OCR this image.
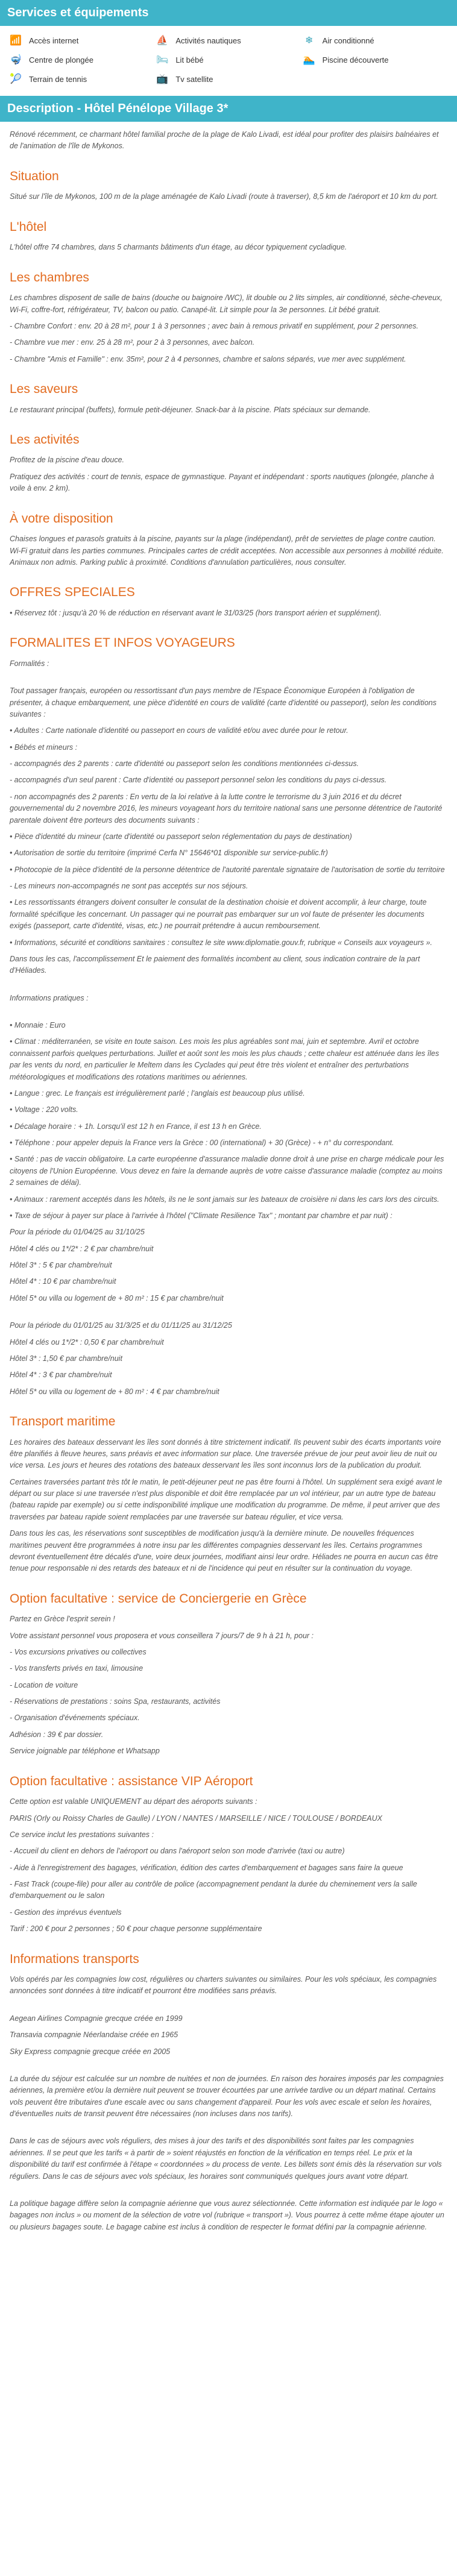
Services et équipements
📶 Accès internet	⛵ Activités nautiques	❄	Air conditionné
🤿 Centre de plongée	🛏 Lit bébé	🏊 Piscine découverte
🎾 Terrain de tennis	📺 Tv satellite
Description - Hôtel Pénélope Village 3*

Rénové récemment, ce charmant hôtel familial proche de la plage de Kalo Livadi, est idéal pour profiter des plaisirs balnéaires et de l'animation de l'île de Mykonos.

Situation

Situé sur l'île de Mykonos, 100 m de la plage aménagée de Kalo Livadi (route à traverser), 8,5 km de l'aéroport et 10 km du port.

L'hôtel

L'hôtel offre 74 chambres, dans 5 charmants bâtiments d'un étage, au décor typiquement cycladique.

Les chambres

Les chambres disposent de salle de bains (douche ou baignoire /WC), lit double ou 2 lits simples, air conditionné, sèche-cheveux, Wi-Fi, coffre-fort, réfrigérateur, TV, balcon ou patio. Canapé-lit. Lit simple pour la 3e personnes. Lit bébé gratuit.

- Chambre Confort : env. 20 à 28 m², pour 1 à 3 personnes ; avec bain à remous privatif en supplément, pour 2 personnes.

- Chambre vue mer : env. 25 à 28 m², pour 2 à 3 personnes, avec balcon.

- Chambre "Amis et Famille" : env. 35m², pour 2 à 4 personnes, chambre et salons séparés, vue mer avec supplément.

Les saveurs

Le restaurant principal (buffets), formule petit-déjeuner. Snack-bar à la piscine. Plats spéciaux sur demande.

Les activités

Profitez de la piscine d'eau douce.

Pratiquez des activités : court de tennis, espace de gymnastique. Payant et indépendant : sports nautiques (plongée, planche à voile à env. 2 km).

À votre disposition

Chaises longues et parasols gratuits à la piscine, payants sur la plage (indépendant), prêt de serviettes de plage contre caution. Wi-Fi gratuit dans les parties communes. Principales cartes de crédit acceptées. Non accessible aux personnes à mobilité réduite. Animaux non admis. Parking public à proximité. Conditions d'annulation particulières, nous consulter.

OFFRES SPECIALES

• Réservez tôt : jusqu'à 20 % de réduction en réservant avant le 31/03/25 (hors transport aérien et supplément).

FORMALITES ET INFOS VOYAGEURS

Formalités :

Tout passager français, européen ou ressortissant d'un pays membre de l'Espace Économique Européen à l'obligation de présenter, à chaque embarquement, une pièce d'identité en cours de validité (carte d'identité ou passeport), selon les conditions suivantes :

• Adultes : Carte nationale d'identité ou passeport en cours de validité et/ou avec durée pour le retour.

• Bébés et mineurs :

- accompagnés des 2 parents : carte d'identité ou passeport selon les conditions mentionnées ci-dessus.

- accompagnés d'un seul parent : Carte d'identité ou passeport personnel selon les conditions du pays ci-dessus.

- non accompagnés des 2 parents : En vertu de la loi relative à la lutte contre le terrorisme du 3 juin 2016 et du décret gouvernemental du 2 novembre 2016, les mineurs voyageant hors du territoire national sans une personne détentrice de l'autorité parentale doivent être porteurs des documents suivants :

• Pièce d'identité du mineur (carte d'identité ou passeport selon réglementation du pays de destination)

• Autorisation de sortie du territoire (imprimé Cerfa N° 15646*01 disponible sur service-public.fr)

• Photocopie de la pièce d'identité de la personne détentrice de l'autorité parentale signataire de l'autorisation de sortie du territoire

- Les mineurs non-accompagnés ne sont pas acceptés sur nos séjours.

• Les ressortissants étrangers doivent consulter le consulat de la destination choisie et doivent accomplir, à leur charge, toute formalité spécifique les concernant. Un passager qui ne pourrait pas embarquer sur un vol faute de présenter les documents exigés (passeport, carte d'identité, visas, etc.) ne pourrait prétendre à aucun remboursement.

• Informations, sécurité et conditions sanitaires : consultez le site www.diplomatie.gouv.fr, rubrique « Conseils aux voyageurs ».

Dans tous les cas, l'accomplissement Et le paiement des formalités incombent au client, sous indication contraire de la part d'Héliades.

Informations pratiques :

• Monnaie : Euro

• Climat : méditerranéen, se visite en toute saison. Les mois les plus agréables sont mai, juin et septembre. Avril et octobre connaissent parfois quelques perturbations. Juillet et août sont les mois les plus chauds ; cette chaleur est atténuée dans les îles par les vents du nord, en particulier le Meltem dans les Cyclades qui peut être très violent et entraîner des perturbations météorologiques et modifications des rotations maritimes ou aériennes.

• Langue : grec. Le français est irrégulièrement parlé ; l'anglais est beaucoup plus utilisé.

• Voltage : 220 volts.

• Décalage horaire : + 1h. Lorsqu'il est 12 h en France, il est 13 h en Grèce.

• Téléphone : pour appeler depuis la France vers la Grèce : 00 (international) + 30 (Grèce) - + n° du correspondant.

• Santé : pas de vaccin obligatoire. La carte européenne d'assurance maladie donne droit à une prise en charge médicale pour les citoyens de l'Union Européenne. Vous devez en faire la demande auprès de votre caisse d'assurance maladie (comptez au moins 2 semaines de délai).

• Animaux : rarement acceptés dans les hôtels, ils ne le sont jamais sur les bateaux de croisière ni dans les cars lors des circuits.

• Taxe de séjour à payer sur place à l'arrivée à l'hôtel ("Climate Resilience Tax" ; montant par chambre et par nuit) :

Pour la période du 01/04/25 au 31/10/25

Hôtel 4 clés ou 1*/2* : 2 € par chambre/nuit

Hôtel 3* : 5 € par chambre/nuit

Hôtel 4* : 10 € par chambre/nuit

Hôtel 5* ou villa ou logement de + 80 m² : 15 € par chambre/nuit

Pour la période du 01/01/25 au 31/3/25 et du 01/11/25 au 31/12/25

Hôtel 4 clés ou 1*/2* : 0,50 € par chambre/nuit

Hôtel 3* : 1,50 € par chambre/nuit

Hôtel 4* : 3 € par chambre/nuit

Hôtel 5* ou villa ou logement de + 80 m² : 4 € par chambre/nuit

Transport maritime

Les horaires des bateaux desservant les îles sont donnés à titre strictement indicatif. Ils peuvent subir des écarts importants voire être planifiés à fleuve heures, sans préavis et avec information sur place. Une traversée prévue de jour peut avoir lieu de nuit ou vice versa. Les jours et heures des rotations des bateaux desservant les îles sont inconnus lors de la publication du produit.

Certaines traversées partant très tôt le matin, le petit-déjeuner peut ne pas être fourni à l'hôtel. Un supplément sera exigé avant le départ ou sur place si une traversée n'est plus disponible et doit être remplacée par un vol intérieur, par un autre type de bateau (bateau rapide par exemple) ou si cette indisponibilité implique une modification du programme. De même, il peut arriver que des traversées par bateau rapide soient remplacées par une traversée sur bateau régulier, et vice versa.

Dans tous les cas, les réservations sont susceptibles de modification jusqu'à la dernière minute. De nouvelles fréquences maritimes peuvent être programmées à notre insu par les différentes compagnies desservant les îles. Certains programmes devront éventuellement être décalés d'une, voire deux journées, modifiant ainsi leur ordre. Héliades ne pourra en aucun cas être tenue pour responsable ni des retards des bateaux et ni de l'incidence qui peut en résulter sur la continuation du voyage.

Option facultative : service de Conciergerie en Grèce

Partez en Grèce l'esprit serein !

Votre assistant personnel vous proposera et vous conseillera 7 jours/7 de 9 h à 21 h, pour :

- Vos excursions privatives ou collectives

- Vos transferts privés en taxi, limousine

- Location de voiture

- Réservations de prestations : soins Spa, restaurants, activités

- Organisation d'événements spéciaux.

Adhésion : 39 € par dossier.

Service joignable par téléphone et Whatsapp

Option facultative : assistance VIP Aéroport

Cette option est valable UNIQUEMENT au départ des aéroports suivants :

PARIS (Orly ou Roissy Charles de Gaulle) / LYON / NANTES / MARSEILLE / NICE / TOULOUSE / BORDEAUX

Ce service inclut les prestations suivantes :

- Accueil du client en dehors de l'aéroport ou dans l'aéroport selon son mode d'arrivée (taxi ou autre)

- Aide à l'enregistrement des bagages, vérification, édition des cartes d'embarquement et bagages sans faire la queue

- Fast Track (coupe-file) pour aller au contrôle de police (accompagnement pendant la durée du cheminement vers la salle d'embarquement ou le salon

- Gestion des imprévus éventuels

Tarif : 200 € pour 2 personnes ; 50 € pour chaque personne supplémentaire

Informations transports

Vols opérés par les compagnies low cost, régulières ou charters suivantes ou similaires. Pour les vols spéciaux, les compagnies annoncées sont données à titre indicatif et pourront être modifiées sans préavis.

Aegean Airlines Compagnie grecque créée en 1999

Transavia compagnie Néerlandaise créée en 1965

Sky Express compagnie grecque créée en 2005

La durée du séjour est calculée sur un nombre de nuitées et non de journées. En raison des horaires imposés par les compagnies aériennes, la première et/ou la dernière nuit peuvent se trouver écourtées par une arrivée tardive ou un départ matinal. Certains vols peuvent être tributaires d'une escale avec ou sans changement d'appareil. Pour les vols avec escale et selon les horaires, d'éventuelles nuits de transit peuvent être nécessaires (non incluses dans nos tarifs).

Dans le cas de séjours avec vols réguliers, des mises à jour des tarifs et des disponibilités sont faites par les compagnies aériennes. Il se peut que les tarifs « à partir de » soient réajustés en fonction de la vérification en temps réel. Le prix et la disponibilité du tarif est confirmée à l'étape « coordonnées » du process de vente. Les billets sont émis dès la réservation sur vols réguliers. Dans le cas de séjours avec vols spéciaux, les horaires sont communiqués quelques jours avant votre départ.

La politique bagage diffère selon la compagnie aérienne que vous aurez sélectionnée. Cette information est indiquée par le logo « bagages non inclus » ou moment de la sélection de votre vol (rubrique « transport »). Vous pourrez à cette même étape ajouter un ou plusieurs bagages soute. Le bagage cabine est inclus à condition de respecter le format défini par la compagnie aérienne.
